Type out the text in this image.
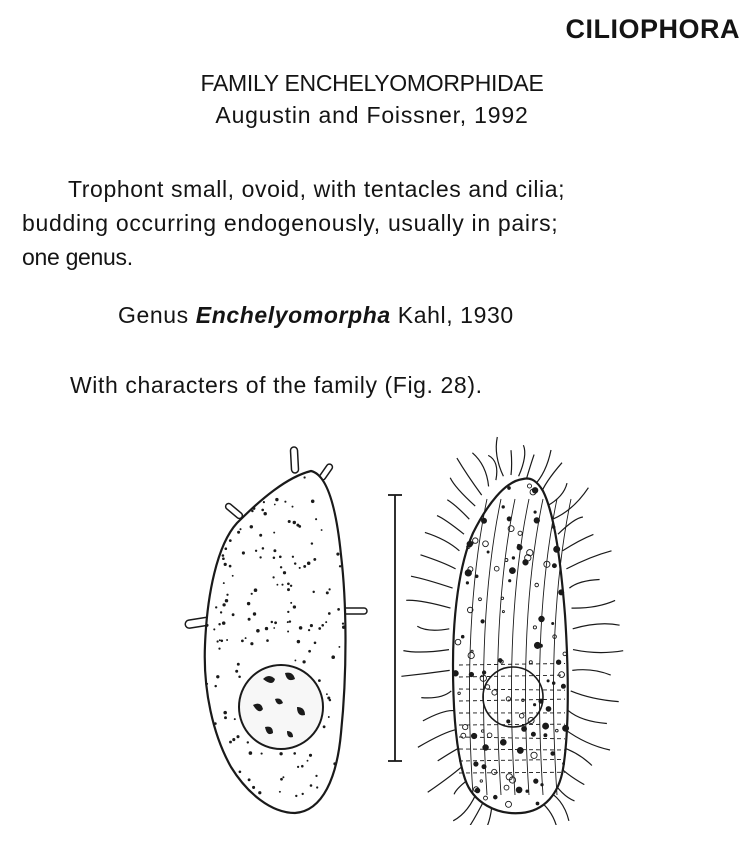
CILIOPHORA
FAMILY ENCHELYOMORPHIDAE
Augustin and Foissner, 1992

Trophont small, ovoid, with tentacles and cilia;

budding occurring endogenously, usually in pairs;

one genus.

Genus Enchelyomorpha Kahl, 1930
With characters of the family (Fig. 28).
